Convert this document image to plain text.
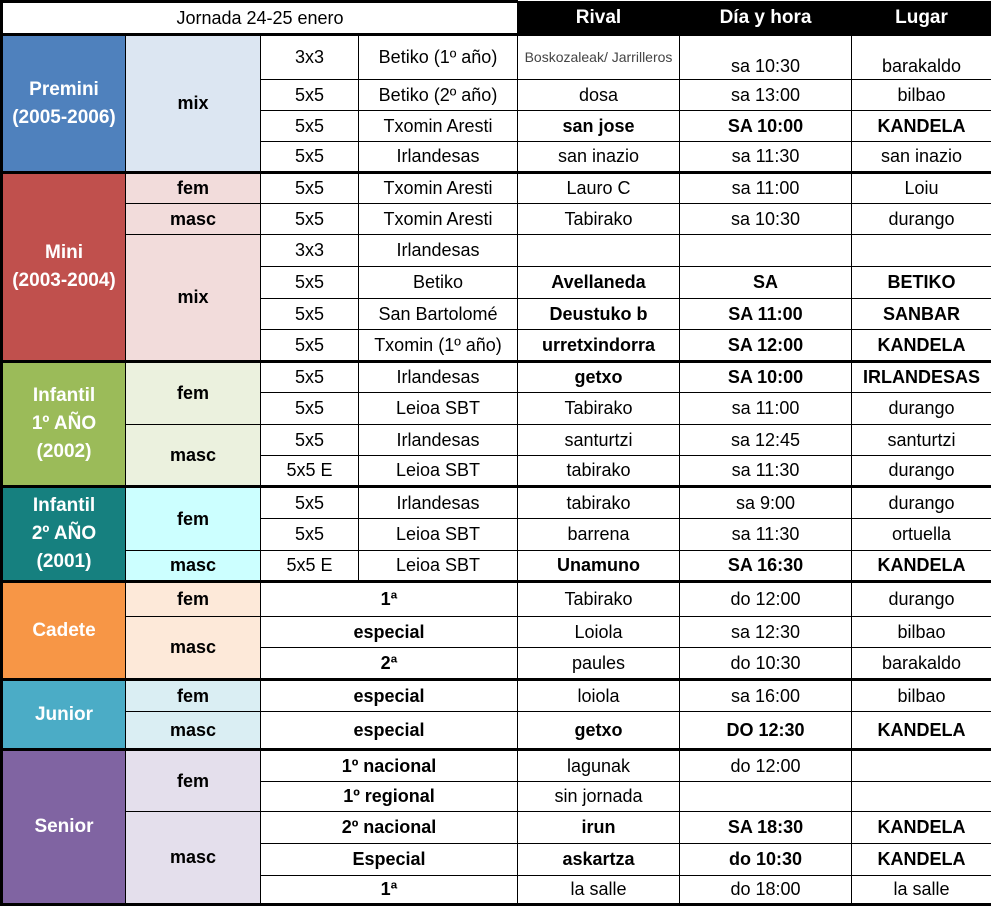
Jornada 24-25 enero				Rival	Día y hora	Lugar
Premini
(2005-2006)	mix	3x3	Betiko (1º año)	Boskozaleak/ Jarrilleros	sa 10:30	barakaldo
		5x5	Betiko (2º año)	dosa	sa 13:00	bilbao
		5x5	Txomin Aresti	san jose	SA 10:00	KANDELA
		5x5	Irlandesas	san inazio	sa 11:30	san inazio
Mini
(2003-2004)	fem	5x5	Txomin Aresti	Lauro C	sa 11:00	Loiu
	masc	5x5	Txomin Aresti	Tabirako	sa 10:30	durango
	mix	3x3	Irlandesas			
		5x5	Betiko	Avellaneda	SA	BETIKO
		5x5	San Bartolomé	Deustuko b	SA 11:00	SANBAR
		5x5	Txomin (1º año)	urretxindorra	SA 12:00	KANDELA
Infantil
1º AÑO
(2002)	fem	5x5	Irlandesas	getxo	SA 10:00	IRLANDESAS
		5x5	Leioa SBT	Tabirako	sa 11:00	durango
	masc	5x5	Irlandesas	santurtzi	sa 12:45	santurtzi
		5x5 E	Leioa SBT	tabirako	sa 11:30	durango
Infantil
2º AÑO
(2001)	fem	5x5	Irlandesas	tabirako	sa 9:00	durango
		5x5	Leioa SBT	barrena	sa 11:30	ortuella
	masc	5x5 E	Leioa SBT	Unamuno	SA 16:30	KANDELA
Cadete	fem	1ª		Tabirako	do 12:00	durango
	masc	especial		Loiola	sa 12:30	bilbao
		2ª		paules	do 10:30	barakaldo
Junior	fem	especial		loiola	sa 16:00	bilbao
	masc	especial		getxo	DO 12:30	KANDELA
Senior	fem	1º nacional		lagunak	do 12:00	
		1º regional		sin jornada		
	masc	2º nacional		irun	SA 18:30	KANDELA
		Especial		askartza	do 10:30	KANDELA
		1ª		la salle	do 18:00	la salle
